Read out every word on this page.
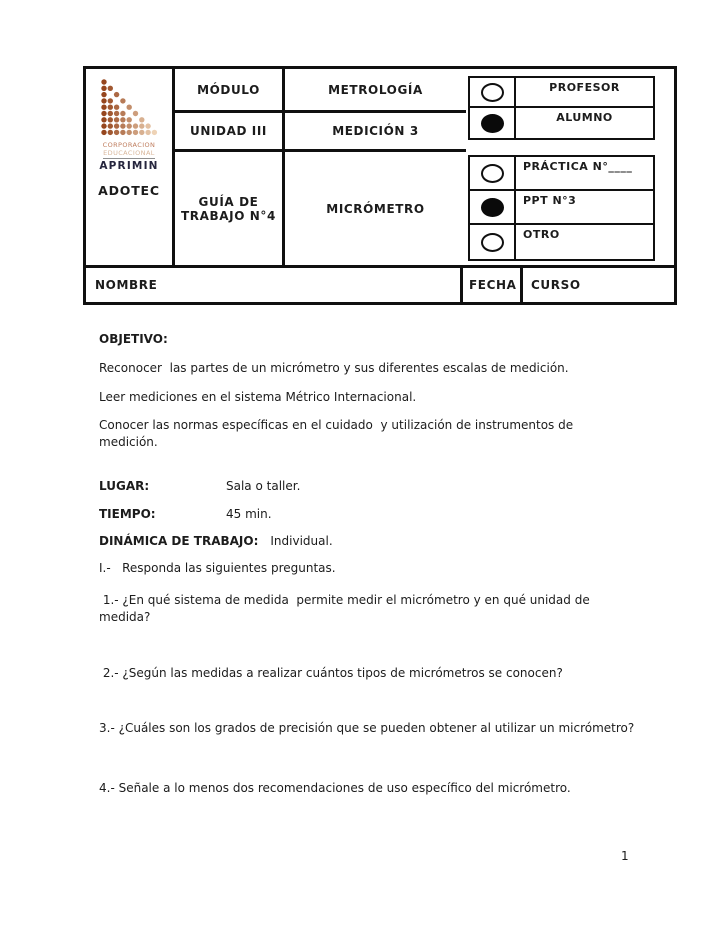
CORPORACION
EDUCACIONAL
APRIMIN
ADOTEC
MÓDULO	METROLOGÍA
UNIDAD III	MEDICIÓN 3
GUÍA DE TRABAJO N°4	MICRÓMETRO
PROFESOR
ALUMNO
PRÁCTICA N°____
PPT N°3
OTRO
NOMBRE	FECHA	CURSO
OBJETIVO:
Reconocer  las partes de un micrómetro y sus diferentes escalas de medición.
Leer mediciones en el sistema Métrico Internacional.
Conocer las normas específicas en el cuidado  y utilización de instrumentos de medición.
LUGAR:	Sala o taller.
TIEMPO:	45 min.
DINÁMICA DE TRABAJO: Individual.
I.-   Responda las siguientes preguntas.
1.- ¿En qué sistema de medida  permite medir el micrómetro y en qué unidad de medida?
2.- ¿Según las medidas a realizar cuántos tipos de micrómetros se conocen?
3.- ¿Cuáles son los grados de precisión que se pueden obtener al utilizar un micrómetro?
4.- Señale a lo menos dos recomendaciones de uso específico del micrómetro.
1
